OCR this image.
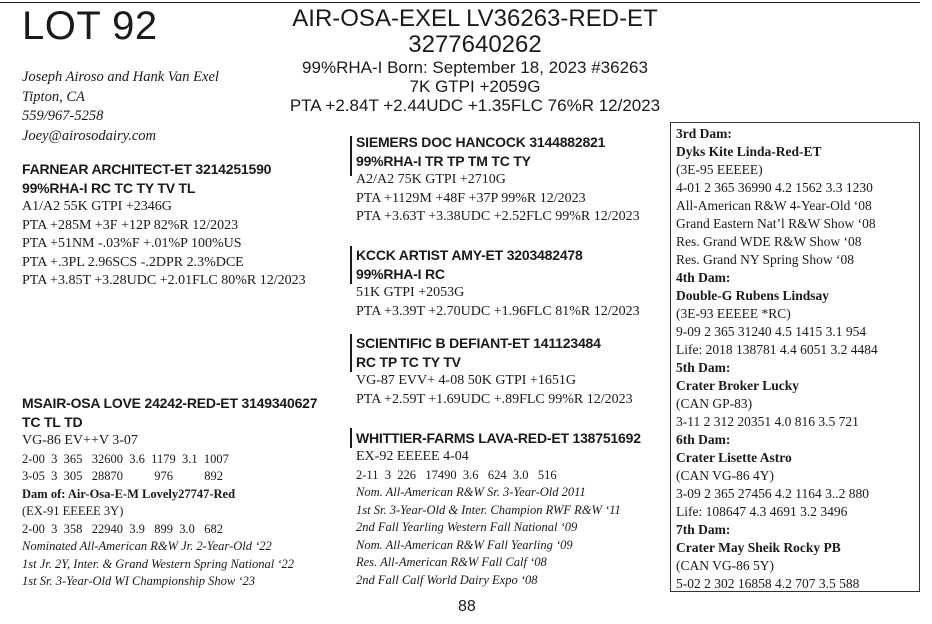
LOT 92	AIR-OSA-EXEL LV36263-RED-ET
3277640262
99%RHA-I Born: September 18, 2023 #36263
7K GTPI +2059G
PTA +2.84T +2.44UDC +1.35FLC 76%R 12/2023
Joseph Airoso and Hank Van Exel
Tipton, CA
559/967-5258
Joey@airosodairy.com
FARNEAR ARCHITECT-ET 3214251590
99%RHA-I RC TC TY TV TL
A1/A2 55K GTPI +2346G
PTA +285M +3F +12P 82%R 12/2023
PTA +51NM -.03%F +.01%P 100%US
PTA +.3PL 2.96SCS -.2DPR 2.3%DCE
PTA +3.85T +3.28UDC +2.01FLC 80%R 12/2023
MSAIR-OSA LOVE 24242-RED-ET 3149340627
TC TL TD
VG-86 EV++V 3-07
2-00  3  365   32600  3.6  1179  3.1  1007
3-05  3  305   28870          976          892
Dam of: Air-Osa-E-M Lovely27747-Red
(EX-91 EEEEE 3Y)
2-00  3  358   22940  3.9   899  3.0   682
Nominated All-American R&W Jr. 2-Year-Old ‘22
1st Jr. 2Y, Inter. & Grand Western Spring National ‘22
1st Sr. 3-Year-Old WI Championship Show ‘23
SIEMERS DOC HANCOCK 3144882821
99%RHA-I TR TP TM TC TY
A2/A2 75K GTPI +2710G
PTA +1129M +48F +37P 99%R 12/2023
PTA +3.63T +3.38UDC +2.52FLC 99%R 12/2023
KCCK ARTIST AMY-ET 3203482478
99%RHA-I RC
51K GTPI +2053G
PTA +3.39T +2.70UDC +1.96FLC 81%R 12/2023
SCIENTIFIC B DEFIANT-ET 141123484
RC TP TC TY TV
VG-87 EVV+ 4-08 50K GTPI +1651G
PTA +2.59T +1.69UDC +.89FLC 99%R 12/2023
WHITTIER-FARMS LAVA-RED-ET 138751692
EX-92 EEEEE 4-04
2-11  3  226   17490  3.6   624  3.0   516
Nom. All-American R&W Sr. 3-Year-Old 2011
1st Sr. 3-Year-Old & Inter. Champion RWF R&W ‘11
2nd Fall Yearling Western Fall National ‘09
Nom. All-American R&W Fall Yearling ‘09
Res. All-American R&W Fall Calf ‘08
2nd Fall Calf World Dairy Expo ‘08
3rd Dam:
Dyks Kite Linda-Red-ET
(3E-95 EEEEE)
4-01 2 365 36990 4.2 1562 3.3 1230
All-American R&W 4-Year-Old ‘08
Grand Eastern Nat’l R&W Show ‘08
Res. Grand WDE R&W Show ‘08
Res. Grand NY Spring Show ‘08
4th Dam:
Double-G Rubens Lindsay
(3E-93 EEEEE *RC)
9-09 2 365 31240 4.5 1415 3.1 954
Life: 2018 138781 4.4 6051 3.2 4484
5th Dam:
Crater Broker Lucky
(CAN GP-83)
3-11 2 312 20351 4.0 816 3.5 721
6th Dam:
Crater Lisette Astro
(CAN VG-86 4Y)
3-09 2 365 27456 4.2 1164 3..2 880
Life: 108647 4.3 4691 3.2 3496
7th Dam:
Crater May Sheik Rocky PB
(CAN VG-86 5Y)
5-02 2 302 16858 4.2 707 3.5 588
88
